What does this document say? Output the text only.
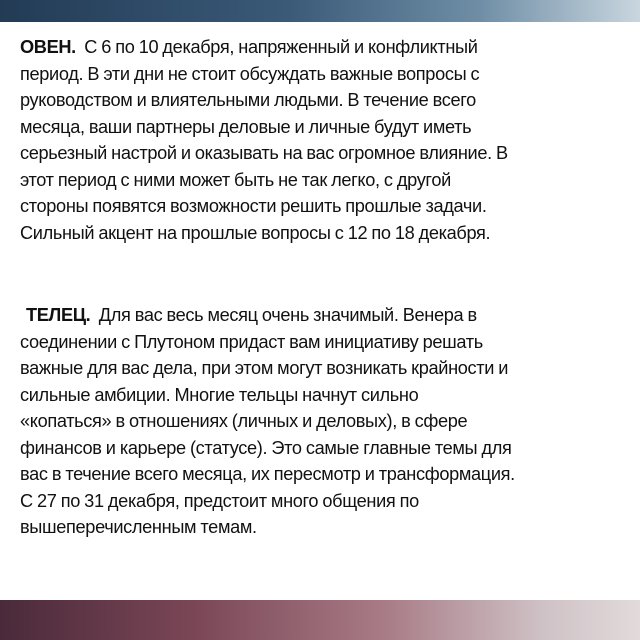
ОВЕН. С 6 по 10 декабря, напряженный и конфликтный
период. В эти дни не стоит обсуждать важные вопросы с
руководством и влиятельными людьми. В течение всего
месяца, ваши партнеры деловые и личные будут иметь
серьезный настрой и оказывать на вас огромное влияние. В
этот период с ними может быть не так легко, с другой
стороны появятся возможности решить прошлые задачи.
Сильный акцент на прошлые вопросы с 12 по 18 декабря.
ТЕЛЕЦ. Для вас весь месяц очень значимый. Венера в
соединении с Плутоном придаст вам инициативу решать
важные для вас дела, при этом могут возникать крайности и
сильные амбиции. Многие тельцы начнут сильно
«копаться» в отношениях (личных и деловых), в сфере
финансов и карьере (статусе). Это самые главные темы для
вас в течение всего месяца, их пересмотр и трансформация.
С 27 по 31 декабря, предстоит много общения по
вышеперечисленным темам.
